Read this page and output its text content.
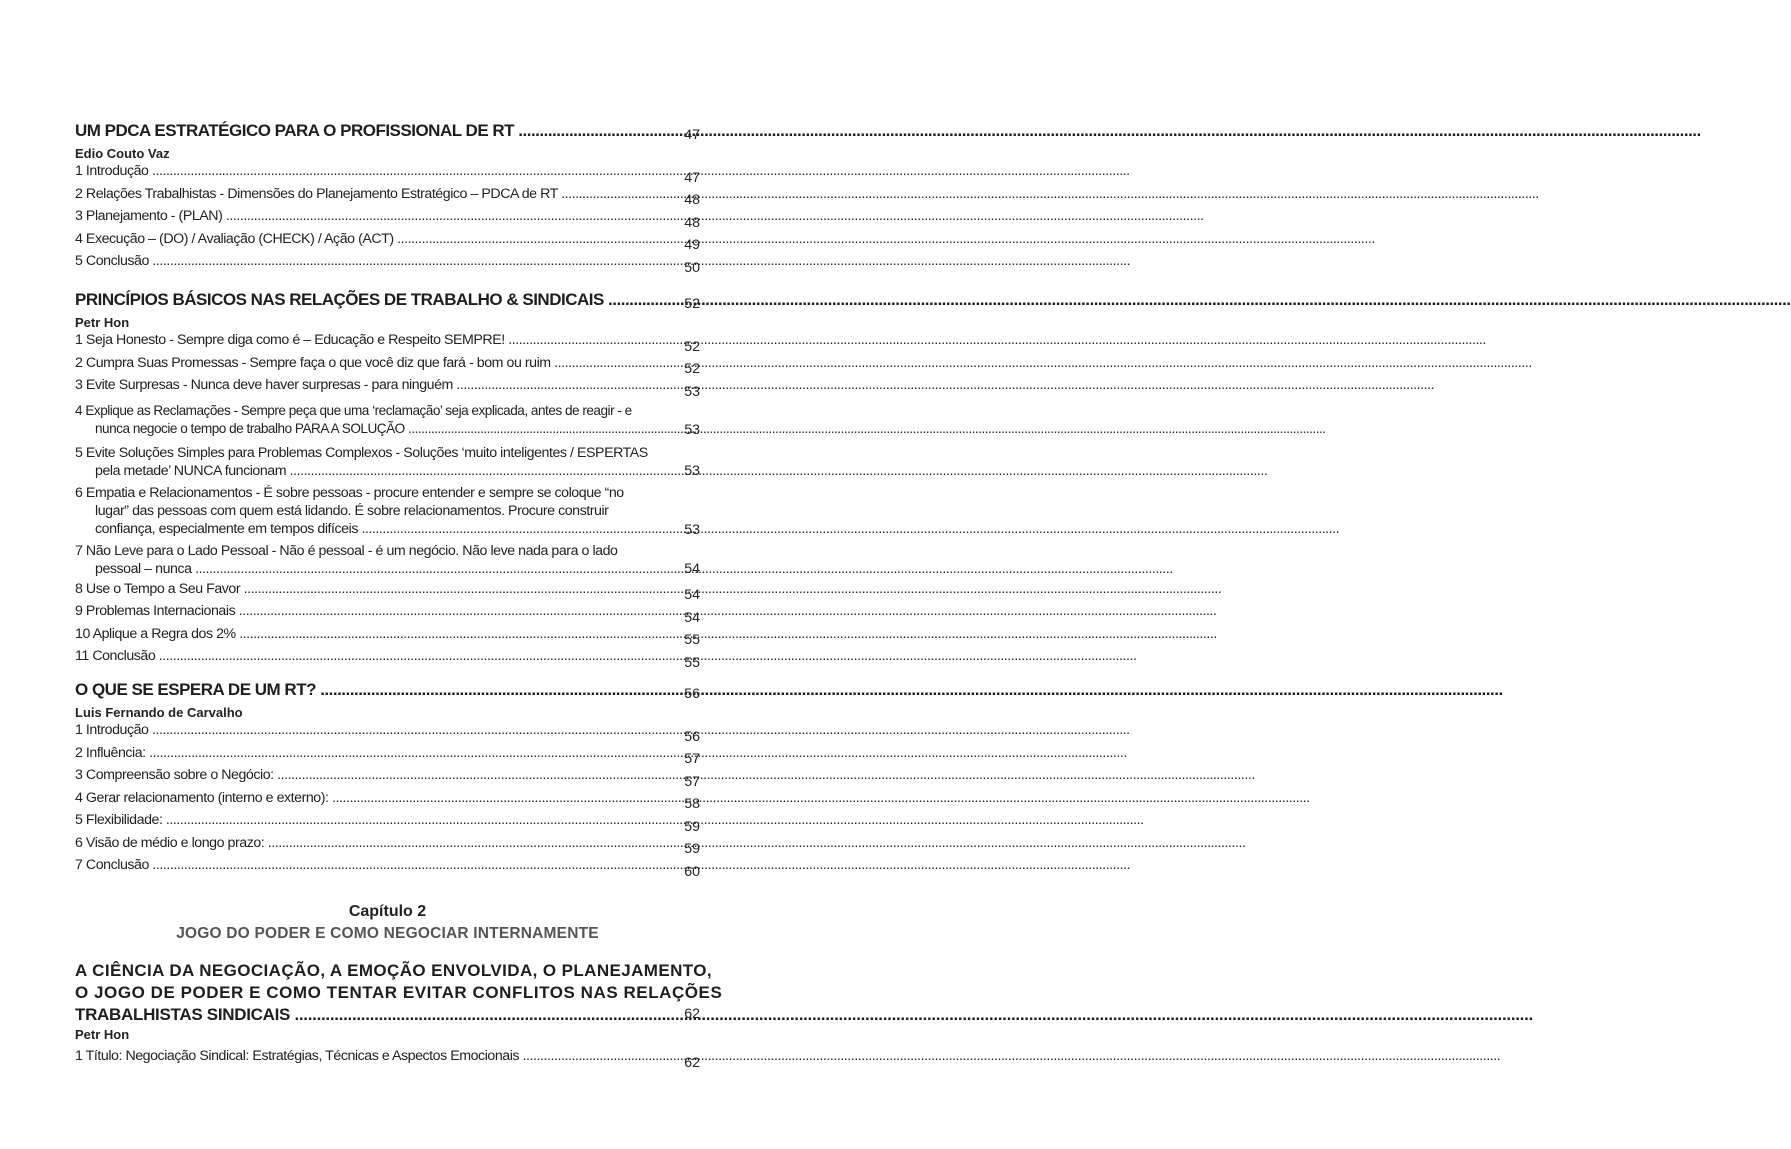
UM PDCA ESTRATÉGICO PARA O PROFISSIONAL DE RT .....	47
Edio Couto Vaz
1 Introdução .....	47
2 Relações Trabalhistas - Dimensões do Planejamento Estratégico – PDCA de RT .....	48
3 Planejamento - (PLAN) .....	48
4 Execução – (DO) / Avaliação (CHECK) / Ação (ACT) .....	49
5 Conclusão .....	50
PRINCÍPIOS BÁSICOS NAS RELAÇÕES DE TRABALHO & SINDICAIS .....	52
Petr Hon
1 Seja Honesto - Sempre diga como é – Educação e Respeito SEMPRE! .....	52
2 Cumpra Suas Promessas - Sempre faça o que você diz que fará - bom ou ruim .....	52
3 Evite Surpresas - Nunca deve haver surpresas - para ninguém .....	53
4 Explique as Reclamações - Sempre peça que uma ‘reclamação’ seja explicada, antes de reagir - e
nunca negocie o tempo de trabalho PARA A SOLUÇÃO .....	53
5 Evite Soluções Simples para Problemas Complexos - Soluções ‘muito inteligentes / ESPERTAS
pela metade’ NUNCA funcionam .....	53
6 Empatia e Relacionamentos - É sobre pessoas - procure entender e sempre se coloque “no
lugar” das pessoas com quem está lidando. É sobre relacionamentos. Procure construir
confiança, especialmente em tempos difíceis .....	53
7 Não Leve para o Lado Pessoal - Não é pessoal - é um negócio. Não leve nada para o lado
pessoal – nunca .....	54
8 Use o Tempo a Seu Favor .....	54
9 Problemas Internacionais .....	54
10 Aplique a Regra dos 2% .....	55
11 Conclusão .....	55
O QUE SE ESPERA DE UM RT? .....	56
Luis Fernando de Carvalho
1 Introdução .....	56
2 Influência: .....	57
3 Compreensão sobre o Negócio: .....	57
4 Gerar relacionamento (interno e externo): .....	58
5 Flexibilidade: .....	59
6 Visão de médio e longo prazo: .....	59
7 Conclusão .....	60
Capítulo 2
JOGO DO PODER E COMO NEGOCIAR INTERNAMENTE
A CIÊNCIA DA NEGOCIAÇÃO, A EMOÇÃO ENVOLVIDA, O PLANEJAMENTO,
O JOGO DE PODER E COMO TENTAR EVITAR CONFLITOS NAS RELAÇÕES
TRABALHISTAS SINDICAIS .....	62
Petr Hon
1 Título: Negociação Sindical: Estratégias, Técnicas e Aspectos Emocionais .....	62
